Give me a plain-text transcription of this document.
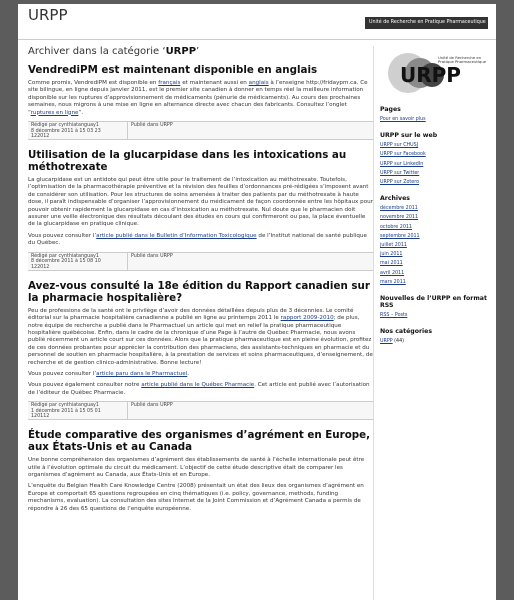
URPP	Unité de Recherche en Pratique Pharmaceutique
Archiver dans la catégorie ‘URPP’
VendrediPM est maintenant disponible en anglais

Comme promis, VendrediPM est disponible en français et maintenant aussi en anglais à l’enseigne http://fridaypm.ca. Ce site bilingue, en ligne depuis janvier 2011, est le premier site canadien à donner en temps réel la meilleure information disponible sur les ruptures d’approvisionnement de médicaments (pénurie de médicaments). Au cours des prochaines semaines, nous migrons à une mise en ligne en alternance directe avec chacun des fabricants. Consultez l’onglet “ruptures en ligne”.

Rédigé par cynthiatanguay1
8 décembre 2011 à 15 03 23
122012
Publié dans URPP
Utilisation de la glucarpidase dans les intoxications au méthotrexate

La glucarpidase est un antidote qui peut être utile pour le traitement de l’intoxication au méthotrexate. Toutefois, l’optimisation de la pharmacothérapie préventive et la révision des feuilles d’ordonnances pré-rédigées s’imposent avant de considérer son utilisation. Pour les structures de soins amenées à traiter des patients par du méthotrexate à haute dose, il paraît indispensable d’organiser l’approvisionnement du médicament de façon coordonnée entre les hôpitaux pour pouvoir obtenir rapidement la glucarpidase en cas d’intoxication au méthotrexate. Nul doute que le pharmacien doit assurer une veille électronique des résultats découlant des études en cours qui confirmeront ou pas, la place éventuelle de la glucarpidase en pratique clinique.

Vous pouvez consulter l’article publié dans le Bulletin d’Information Toxicologique de l’Institut national de santé publique du Québec.

Rédigé par cynthiatanguay1
8 décembre 2011 à 15 08 10
122012
Publié dans URPP
Avez-vous consulté la 18e édition du Rapport canadien sur la pharmacie hospitalière?

Peu de professions de la santé ont le privilège d’avoir des données détaillées depuis plus de 3 décennies. Le comité éditorial sur la pharmacie hospitalière canadienne a publié en ligne au printemps 2011 le rapport 2009-2010; de plus, notre équipe de recherche a publié dans le Pharmactuel un article qui met en relief la pratique pharmaceutique hospitalière québécoise. Enfin, dans le cadre de la chronique d’une Page à l’autre de Québec Pharmacie, nous avons publié récemment un article court sur ces données. Alors que la pratique pharmaceutique est en pleine évolution, profitez de ces données probantes pour apprécier la contribution des pharmaciens, des assistants-techniques en pharmacie et du personnel de soutien en pharmacie hospitalière, à la prestation de services et soins pharmaceutiques, d’enseignement, de recherche et de gestion clinico-administrative. Bonne lecture!

Vous pouvez consulter l’article paru dans le Pharmactuel.

Vous pouvez également consulter notre article publié dans le Québec Pharmacie. Cet article est publié avec l’autorisation de l’éditeur de Québec Pharmacie.

Rédigé par cynthiatanguay1
1 décembre 2011 à 15 05 01
120112
Publié dans URPP
Étude comparative des organismes d’agrément en Europe, aux États-Unis et au Canada

Une bonne compréhension des organismes d’agrément des établissements de santé à l’échelle internationale peut être utile à l’évolution optimale du circuit du médicament. L’objectif de cette étude descriptive était de comparer les organismes d’agrément au Canada, aux États-Unis et en Europe.

L’enquête du Belgian Health Care Knowledge Centre (2008) présentait un état des lieux des organismes d’agrément en Europe et comportait 65 questions regroupées en cinq thématiques (i.e. policy, governance, methods, funding mechanisms, evaluation). La consultation des sites Internet de la Joint Commission et d’Agrément Canada a permis de répondre à 26 des 65 questions de l’enquête européenne.

URPP
Unité de Recherche en Pratique Pharmaceutique
Pages
Pour en savoir plus
URPP sur le web
URPP sur CHUSJ
URPP sur Facebook
URPP sur LinkedIn
URPP sur Twitter
URPP sur Zotero
Archives
décembre 2011
novembre 2011
octobre 2011
septembre 2011
juillet 2011
juin 2011
mai 2011
avril 2011
mars 2011
Nouvelles de l’URPP en format RSS
RSS – Posts
Nos catégories
URPP (44)
